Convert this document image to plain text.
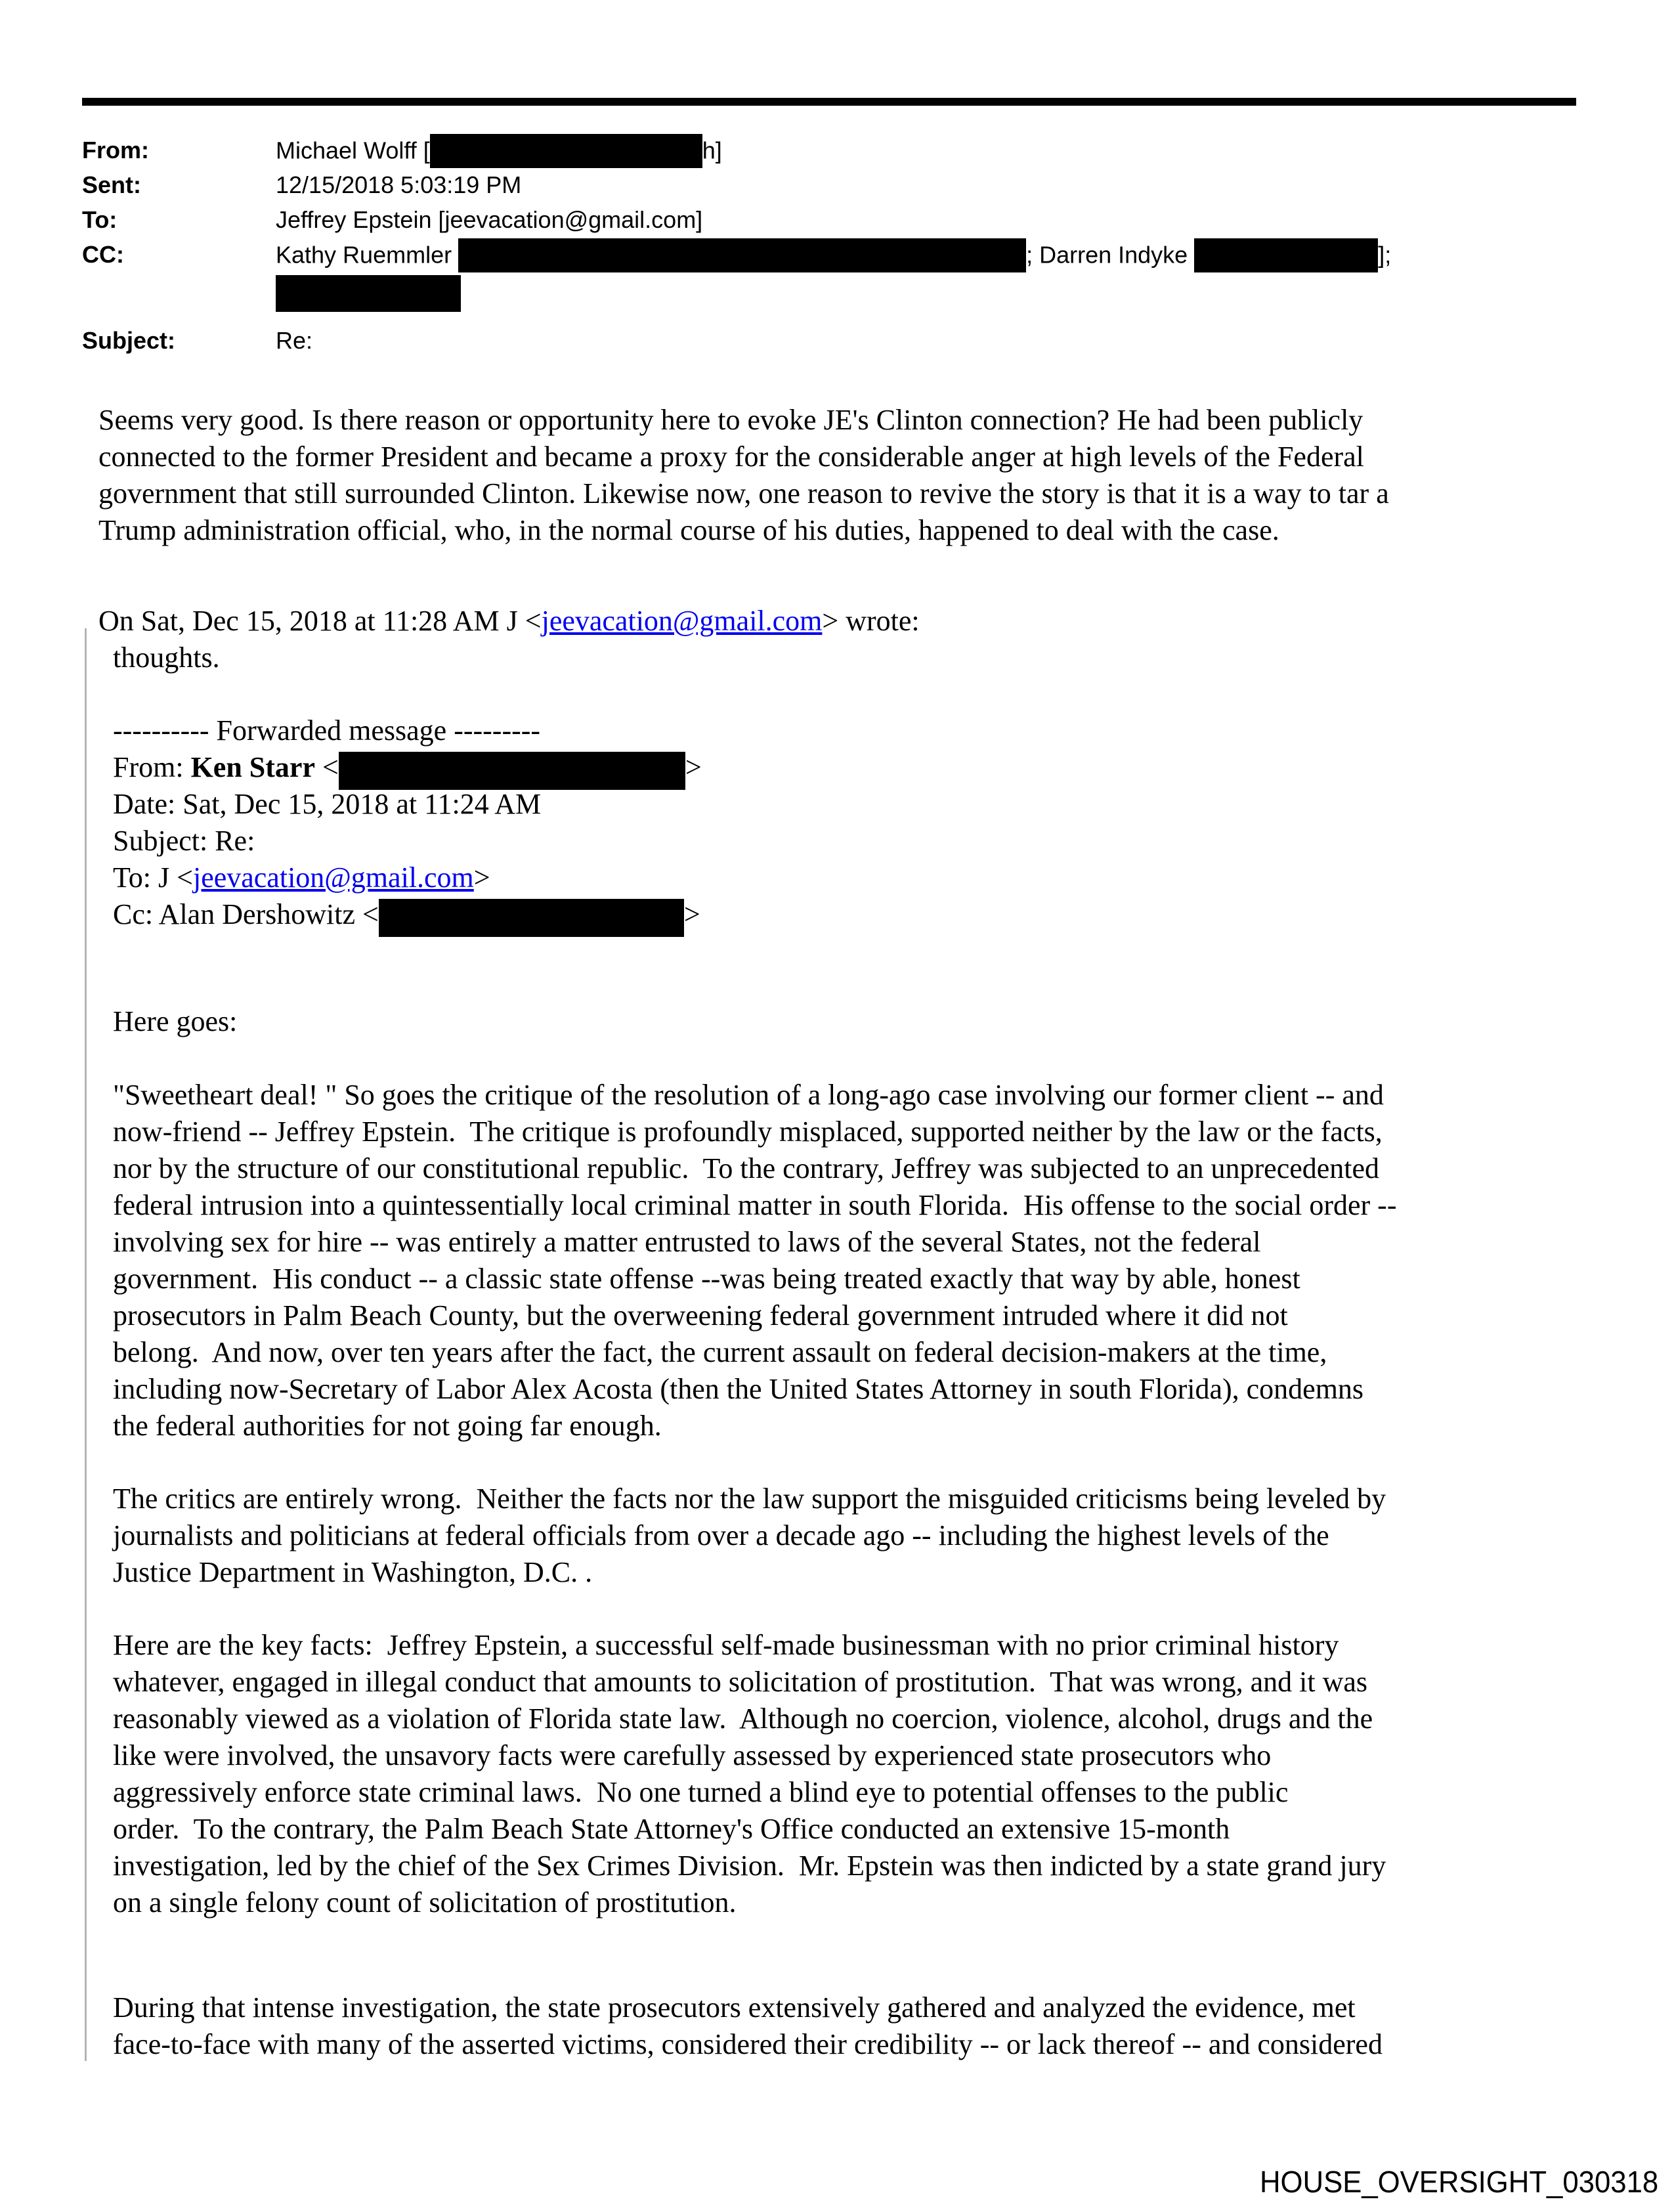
From:	Michael Wolff [	h]
Sent:	12/15/2018 5:03:19 PM
To:	Jeffrey Epstein [jeevacation@gmail.com]
CC:	Kathy Ruemmler	; Darren Indyke	];
Subject:	Re:
Seems very good. Is there reason or opportunity here to evoke JE's Clinton connection? He had been publicly
connected to the former President and became a proxy for the considerable anger at high levels of the Federal
government that still surrounded Clinton. Likewise now, one reason to revive the story is that it is a way to tar a
Trump administration official, who, in the normal course of his duties, happened to deal with the case.
On Sat, Dec 15, 2018 at 11:28 AM J <jeevacation@gmail.com> wrote:
thoughts.
---------- Forwarded message ---------
From: Ken Starr <	>
Date: Sat, Dec 15, 2018 at 11:24 AM
Subject: Re:
To: J <jeevacation@gmail.com>
Cc: Alan Dershowitz <	>
Here goes:
"Sweetheart deal! " So goes the critique of the resolution of a long-ago case involving our former client -- and
now-friend -- Jeffrey Epstein.  The critique is profoundly misplaced, supported neither by the law or the facts,
nor by the structure of our constitutional republic.  To the contrary, Jeffrey was subjected to an unprecedented
federal intrusion into a quintessentially local criminal matter in south Florida.  His offense to the social order --
involving sex for hire -- was entirely a matter entrusted to laws of the several States, not the federal
government.  His conduct -- a classic state offense --was being treated exactly that way by able, honest
prosecutors in Palm Beach County, but the overweening federal government intruded where it did not
belong.  And now, over ten years after the fact, the current assault on federal decision-makers at the time,
including now-Secretary of Labor Alex Acosta (then the United States Attorney in south Florida), condemns
the federal authorities for not going far enough.
The critics are entirely wrong.  Neither the facts nor the law support the misguided criticisms being leveled by
journalists and politicians at federal officials from over a decade ago -- including the highest levels of the
Justice Department in Washington, D.C. .
Here are the key facts:  Jeffrey Epstein, a successful self-made businessman with no prior criminal history
whatever, engaged in illegal conduct that amounts to solicitation of prostitution.  That was wrong, and it was
reasonably viewed as a violation of Florida state law.  Although no coercion, violence, alcohol, drugs and the
like were involved, the unsavory facts were carefully assessed by experienced state prosecutors who
aggressively enforce state criminal laws.  No one turned a blind eye to potential offenses to the public
order.  To the contrary, the Palm Beach State Attorney's Office conducted an extensive 15-month
investigation, led by the chief of the Sex Crimes Division.  Mr. Epstein was then indicted by a state grand jury
on a single felony count of solicitation of prostitution.
During that intense investigation, the state prosecutors extensively gathered and analyzed the evidence, met
face-to-face with many of the asserted victims, considered their credibility -- or lack thereof -- and considered
HOUSE_OVERSIGHT_030318
